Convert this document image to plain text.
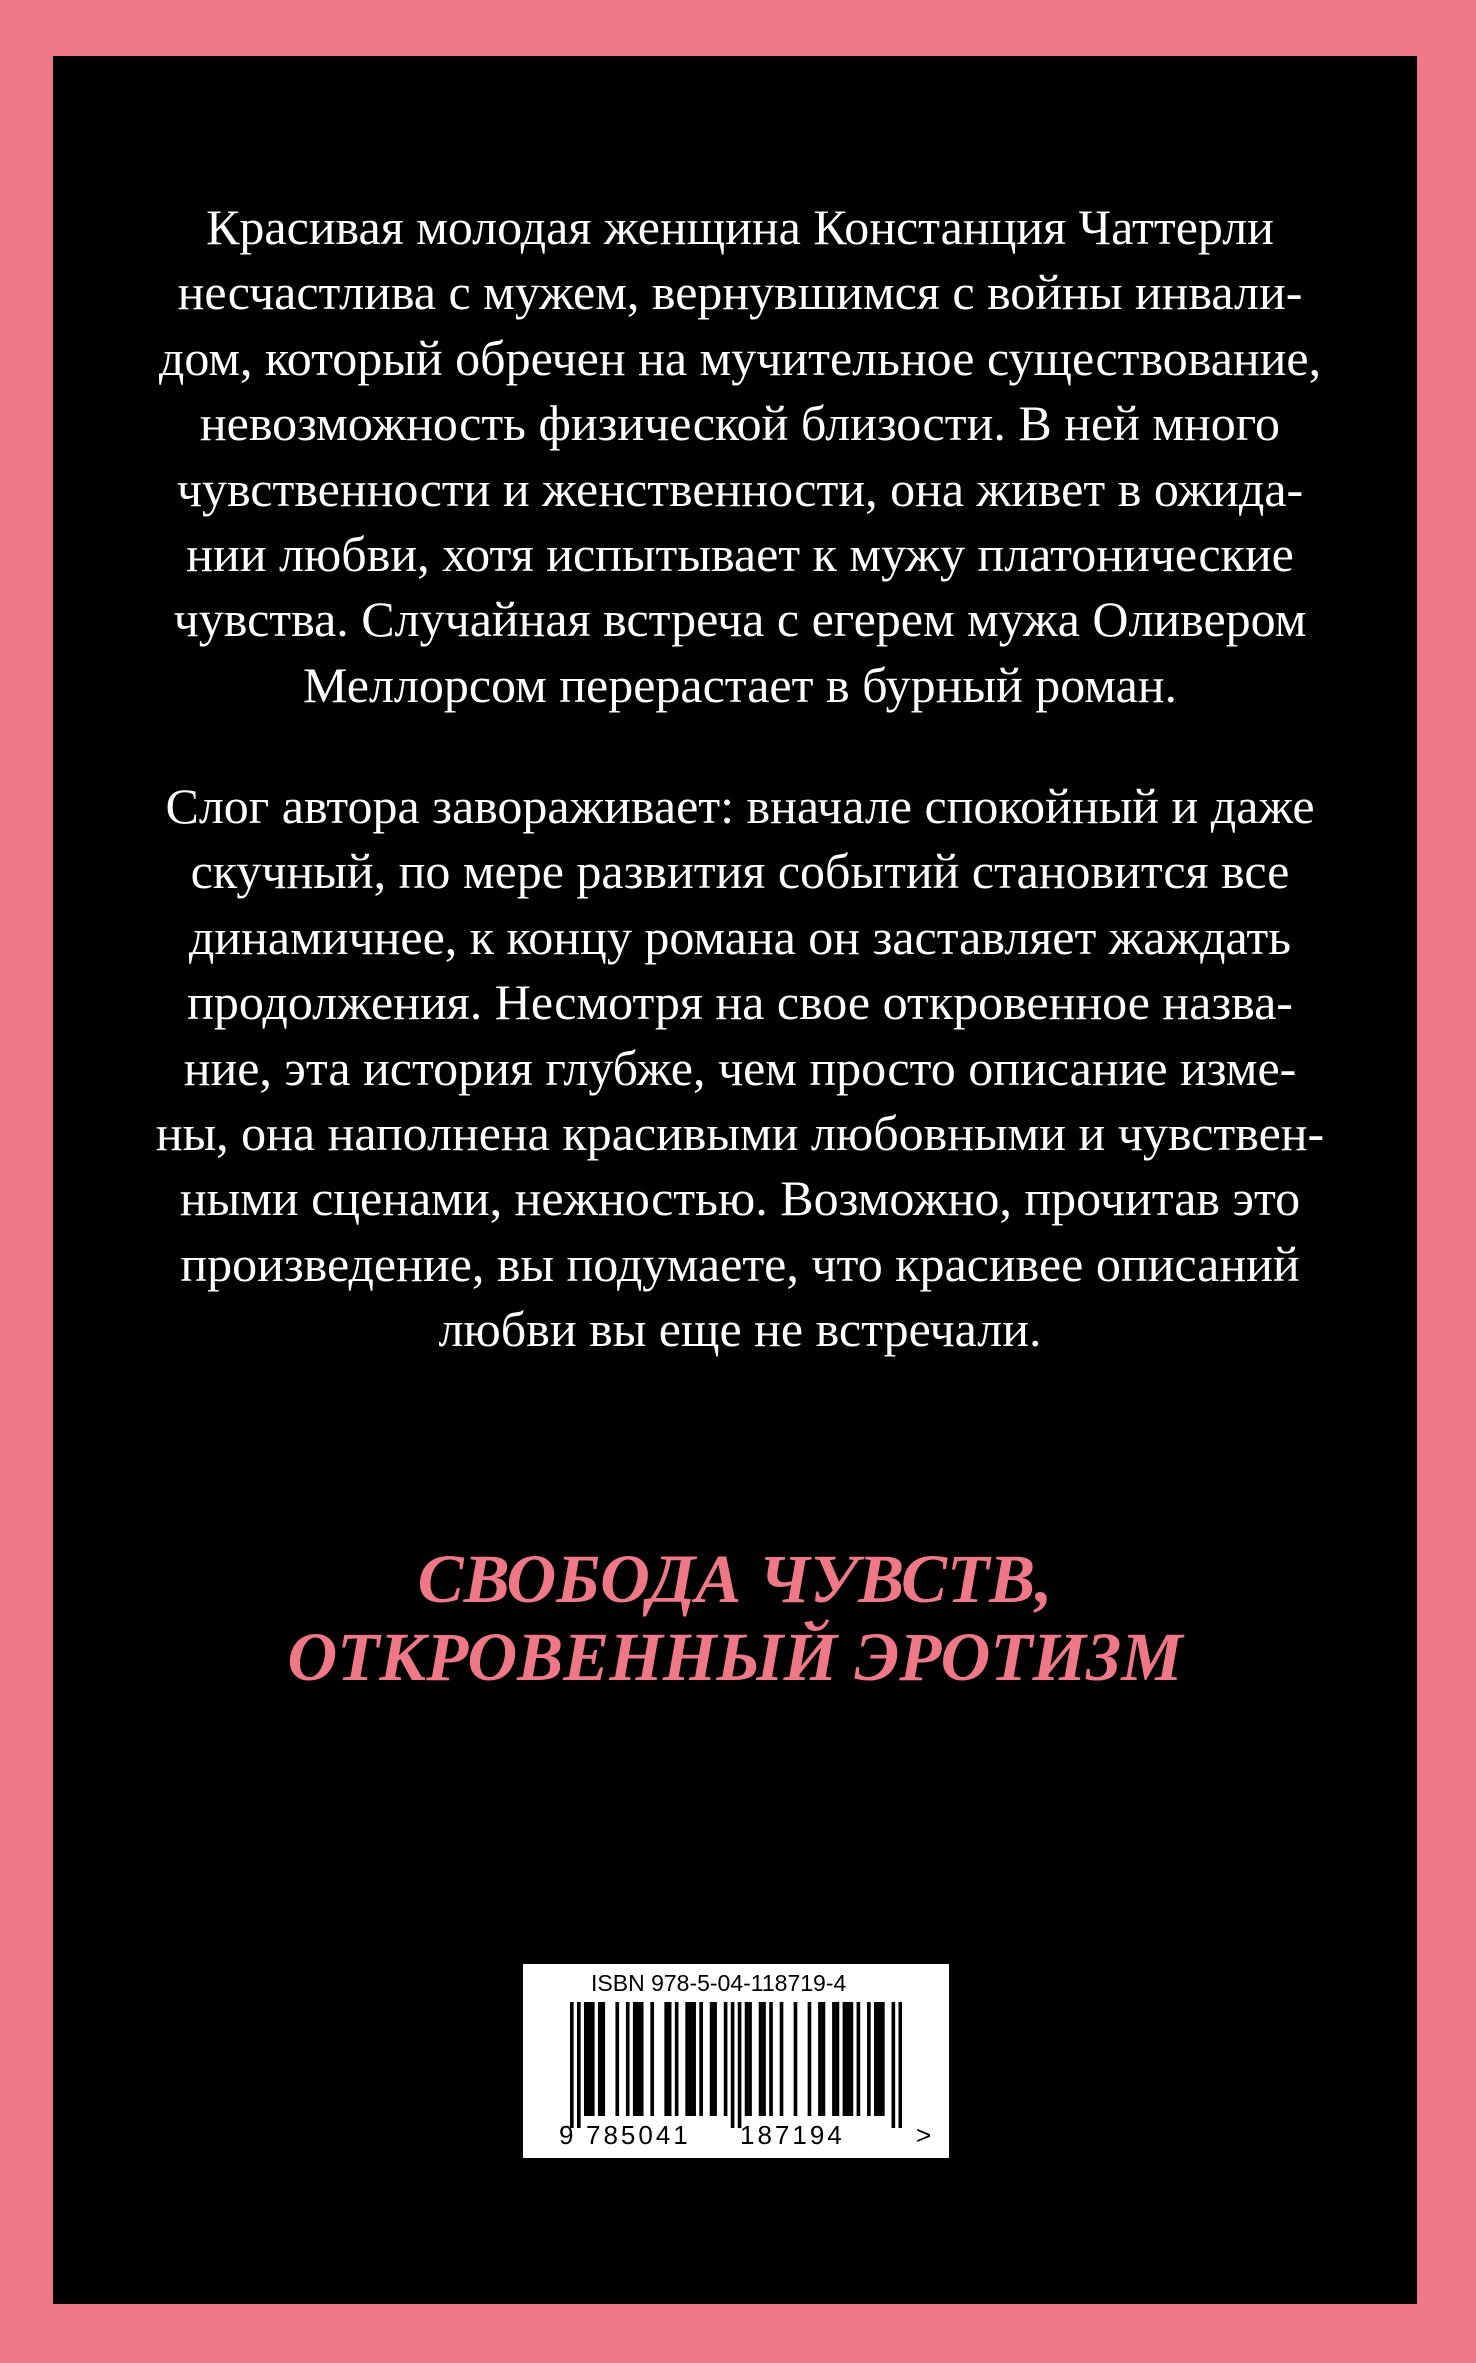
Красивая молодая женщина Констанция Чаттерли
несчастлива с мужем, вернувшимся с войны инвали-
дом, который обречен на мучительное существование,
невозможность физической близости. В ней много
чувственности и женственности, она живет в ожида-
нии любви, хотя испытывает к мужу платонические
чувства. Случайная встреча с егерем мужа Оливером
Меллорсом перерастает в бурный роман.
Слог автора завораживает: вначале спокойный и даже
скучный, по мере развития событий становится все
динамичнее, к концу романа он заставляет жаждать
продолжения. Несмотря на свое откровенное назва-
ние, эта история глубже, чем просто описание изме-
ны, она наполнена красивыми любовными и чувствен-
ными сценами, нежностью. Возможно, прочитав это
произведение, вы подумаете, что красивее описаний
любви вы еще не встречали.
СВОБОДА ЧУВСТВ,
ОТКРОВЕННЫЙ ЭРОТИЗМ
ISBN 978-5-04-118719-4
9 785041 187194	>
